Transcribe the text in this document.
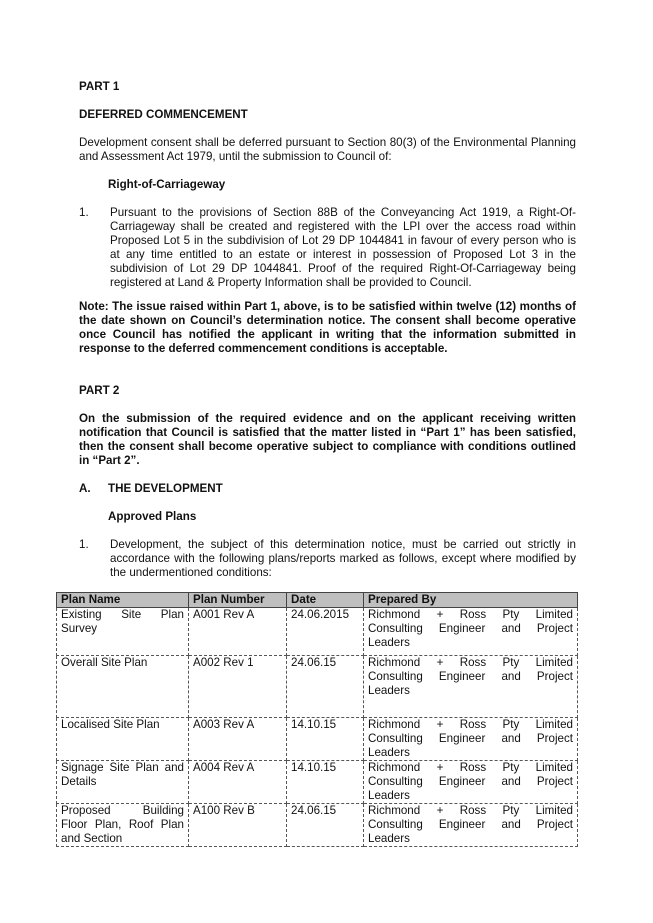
PART 1

DEFERRED COMMENCEMENT

Development consent shall be deferred pursuant to Section 80(3) of the Environmental Planning and Assessment Act 1979, until the submission to Council of:

Right-of-Carriageway

1. Pursuant to the provisions of Section 88B of the Conveyancing Act 1919, a Right-Of-Carriageway shall be created and registered with the LPI over the access road within Proposed Lot 5 in the subdivision of Lot 29 DP 1044841 in favour of every person who is at any time entitled to an estate or interest in possession of Proposed Lot 3 in the subdivision of Lot 29 DP 1044841. Proof of the required Right-Of-Carriageway being registered at Land & Property Information shall be provided to Council.

Note: The issue raised within Part 1, above, is to be satisfied within twelve (12) months of the date shown on Council’s determination notice. The consent shall become operative once Council has notified the applicant in writing that the information submitted in response to the deferred commencement conditions is acceptable.

PART 2

On the submission of the required evidence and on the applicant receiving written notification that Council is satisfied that the matter listed in “Part 1” has been satisfied, then the consent shall become operative subject to compliance with conditions outlined in “Part 2”.

A. THE DEVELOPMENT

Approved Plans

1. Development, the subject of this determination notice, must be carried out strictly in accordance with the following plans/reports marked as follows, except where modified by the undermentioned conditions:

Plan Name	Plan Number	Date	Prepared By
Existing Site Plan Survey	A001 Rev A	24.06.2015	Richmond + Ross Pty Limited Consulting Engineer and Project Leaders
Overall Site Plan	A002 Rev 1	24.06.15	Richmond + Ross Pty Limited Consulting Engineer and Project Leaders
Localised Site Plan	A003 Rev A	14.10.15	Richmond + Ross Pty Limited Consulting Engineer and Project Leaders
Signage Site Plan and Details	A004 Rev A	14.10.15	Richmond + Ross Pty Limited Consulting Engineer and Project Leaders
Proposed Building Floor Plan, Roof Plan and Section	A100 Rev B	24.06.15	Richmond + Ross Pty Limited Consulting Engineer and Project Leaders
